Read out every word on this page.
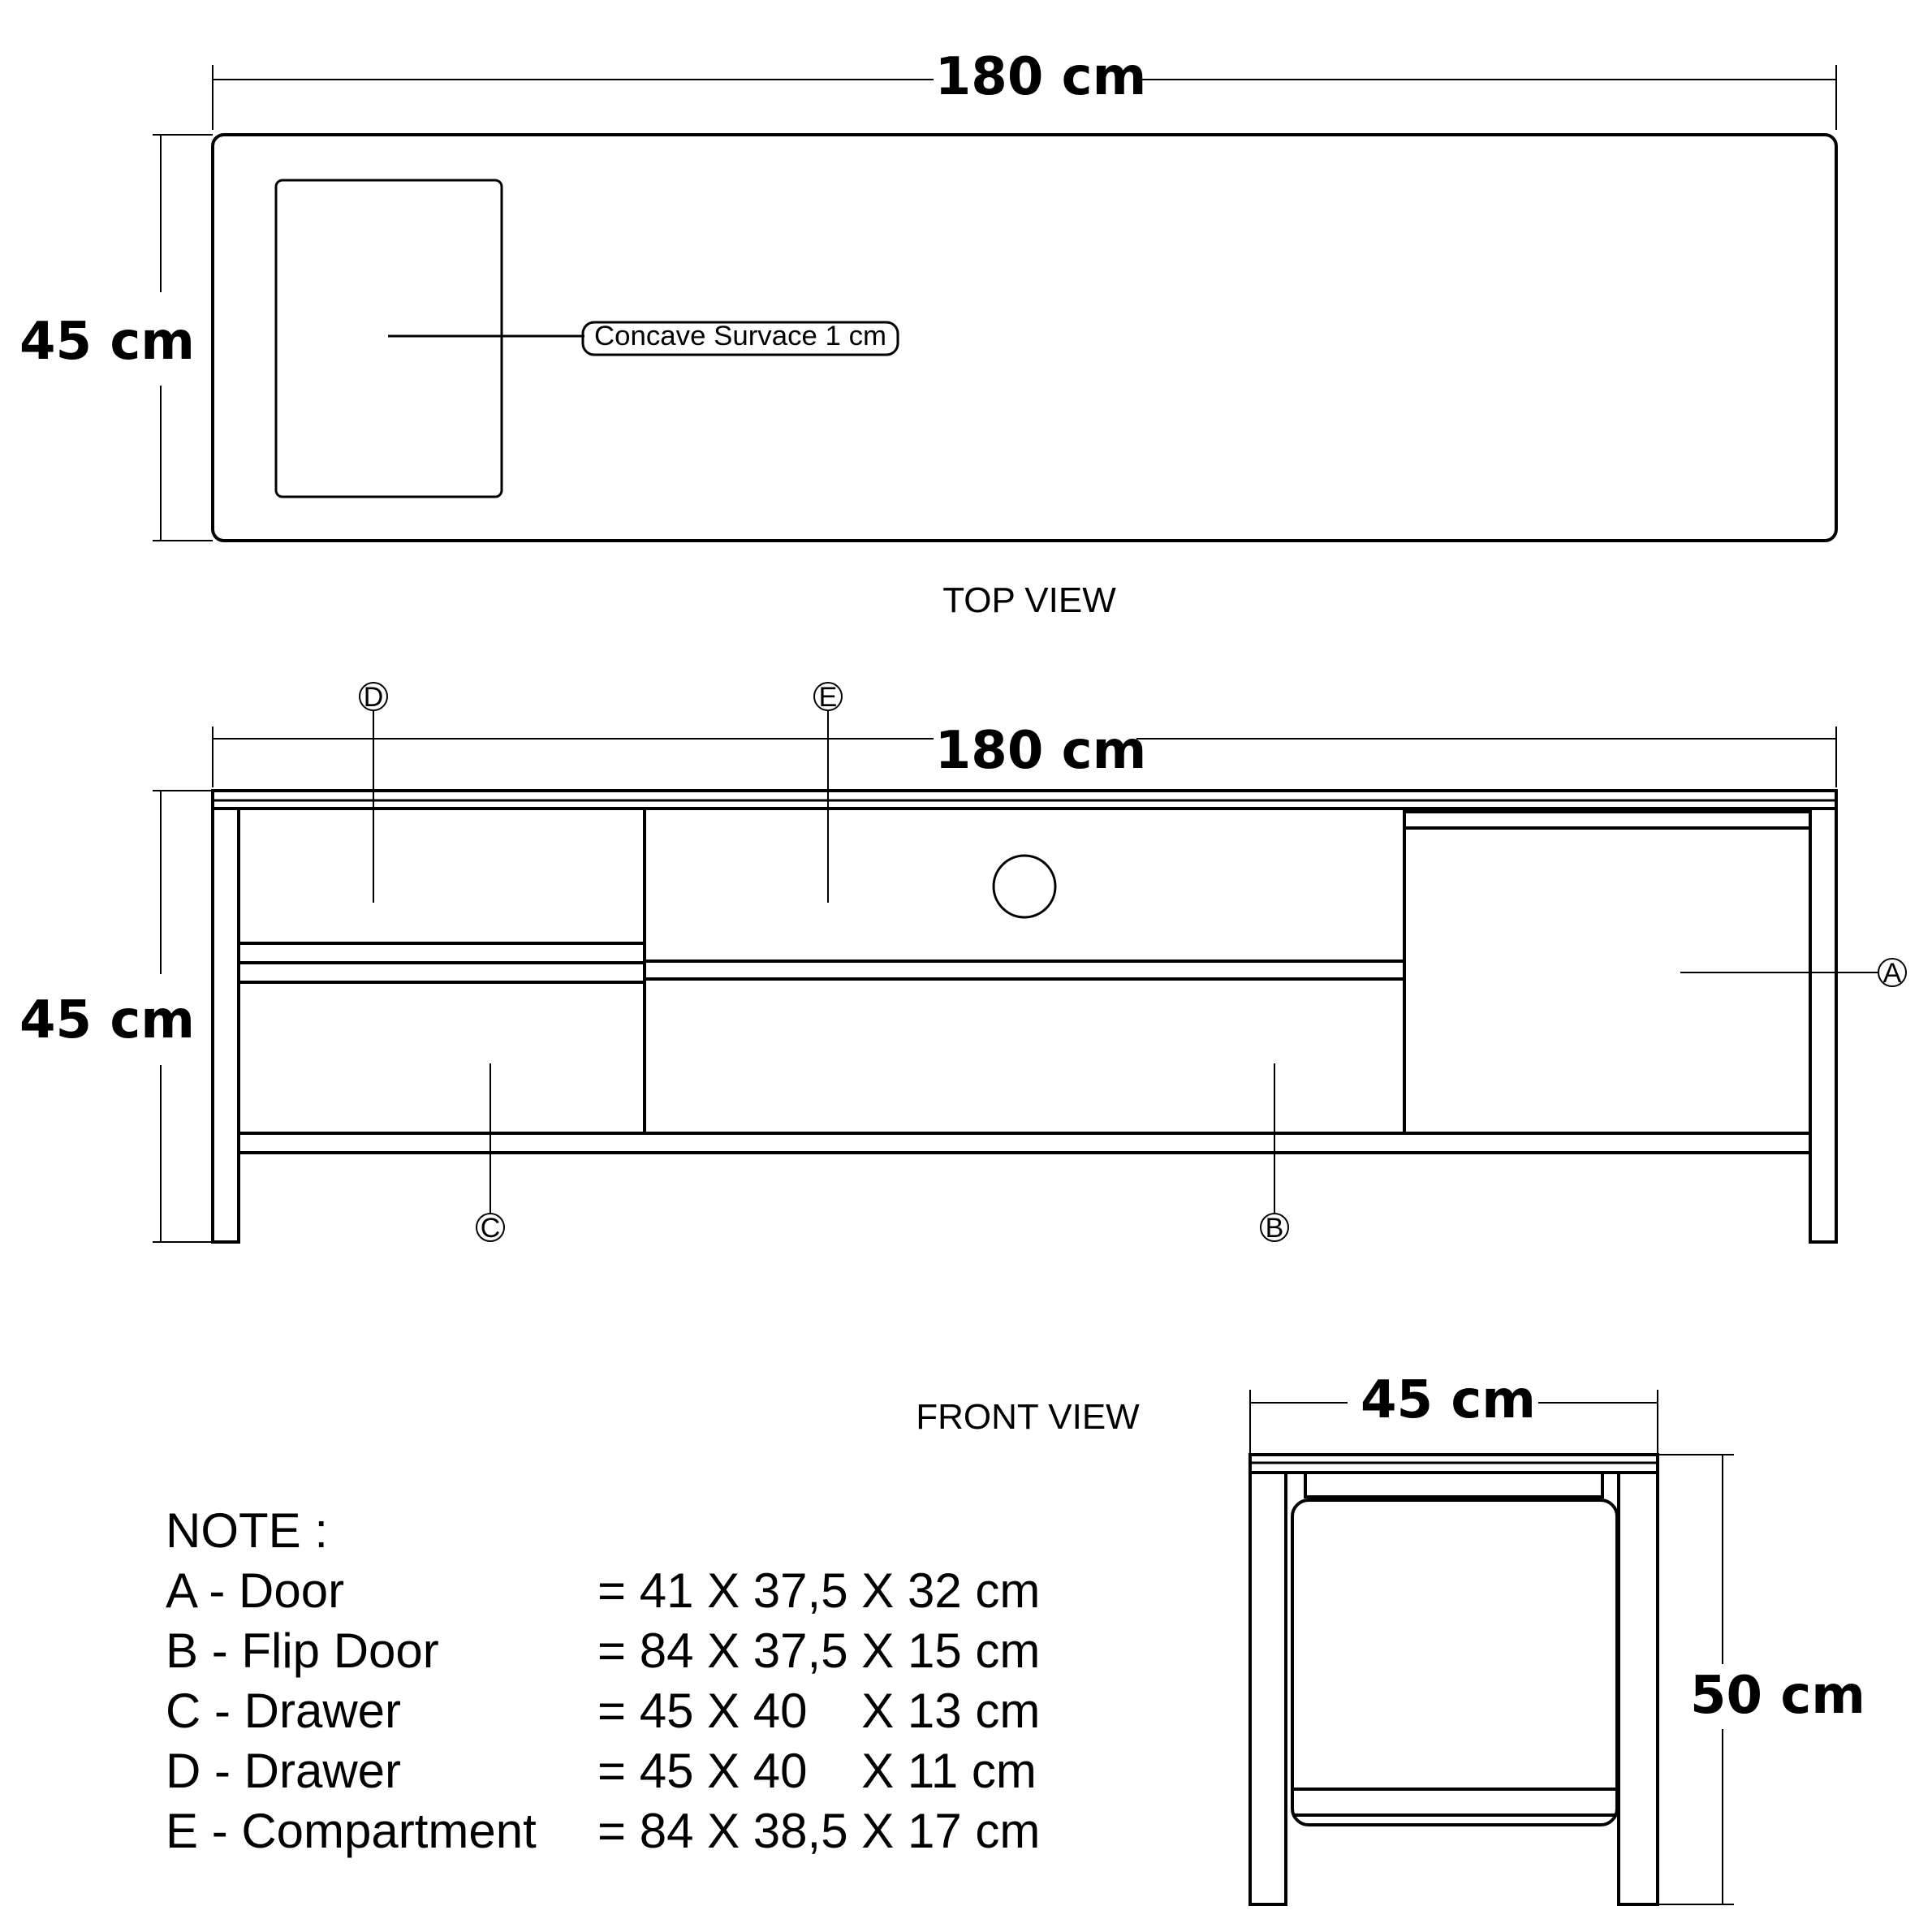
180 cm
45 cm	Concave Survace 1 cm
TOP VIEW
180 cm
45 cm
D	E
A
C	B
FRONT VIEW	45 cm
50 cm
NOTE :
A - Door	= 41 X 37,5 X 32 cm
B - Flip Door	= 84 X 37,5 X 15 cm
C - Drawer	= 45 X 40    X 13 cm
D - Drawer	= 45 X 40    X 11 cm
E - Compartment = 84 X 38,5 X 17 cm
